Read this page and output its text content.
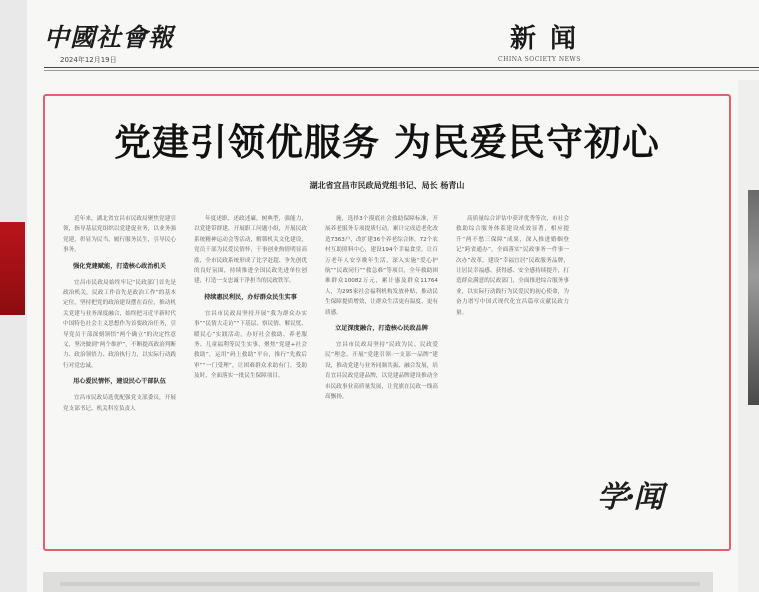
中國社會報
2024年12月19日
新闻
CHINA SOCIETY NEWS
党建引领优服务 为民爱民守初心
湖北省宜昌市民政局党组书记、局长 杨青山

近年来，湖北省宜昌市民政局聚焦党建引领，指导基层党组织以党建促业务，以业务强党建，彰显为民当，履行服务民生，引导民心事务。

强化党建赋能，打造核心政治机关

宜昌市民政局始终牢记“民政部门首先是政治机关，民政工作首先是政治工作”的基本定位，坚持把党的政治建设摆在首位，推动机关党建与业务深度融合，始终把习近平新时代中国特色社会主义思想作为首要政治任务，引导党员干部深刻领悟“两个确立”的决定性意义，坚决做到“两个维护”，不断提高政治判断力、政治领悟力、政治执行力，以实际行动践行对党忠诚。

用心爱民情怀，建设民心干部队伍

宜昌市民政局选优配强党支部委员，开展党支部书记、机关科室负责人

年度述职、述政述廉，树典型，强能力，以党建带群建，开展职工问题小组，开展民政系统精神运动会等活动，解锁机关文化建设，党员干部为民爱民情怀，干事创业热情明显高涨，全市民政系统形成了比学赶超、争先创优的良好氛围，持续推进全国民政先进单位创建，打造一支忠诚干净担当的民政铁军。

持续惠民利民，办好群众民生实事

宜昌市民政局坚持开展“我为群众办实事”“民情大走访”“下基层、察民情、解民忧、暖民心”实践活动，办好社会救助、养老服务、儿童福利等民生实事，聚焦“党建+社会救助”，运用“码上救助”平台，推行“先救后审”“一门受理”，让困难群众求助有门、受助及时，全面落实一批民生保障项目。

施，选择3个摸底社会救助保障标准，开展养老服务专项提质行动，累计完成适老化改造7363户，改扩建36个养老综合体，72个农村互助照料中心，建设194个幸福食堂，让百万老年人安享晚年生活，深入实施“爱心护航”“民政同行”“救急难”等项目，全年救助困难群众10082万元，累计惠及群众11764人，为295家社会福利机构发放补贴，推动民生保障提质增效，让群众生活更有温度、更有质感。

立足深度融合，打造核心民政品牌

宜昌市民政局坚持“民政为民、民政爱民”理念，开展“党建引领·一支部一品牌”建设，推动党建与业务同频共振、融合发展，培育宜昌民政党建品牌，以党建品牌建设推动全市民政事业高质量发展，让党旗在民政一线高高飘扬。

高质量综合评估中获评优秀等次，市社会救助综合服务体系建设成效显著，相应提升“两不愁三保障”成果，深入推进婚姻登记“跨省通办”，全面落实“民政事务一件事一次办”改革，建设“幸福宜居”民政服务品牌，让居民幸福感、获得感、安全感持续提升，打造群众满意的民政部门，全面推进综合服务事业，以实际行动践行为民爱民的初心使命，为奋力谱写中国式现代化宜昌篇章贡献民政力量。

学·闻
